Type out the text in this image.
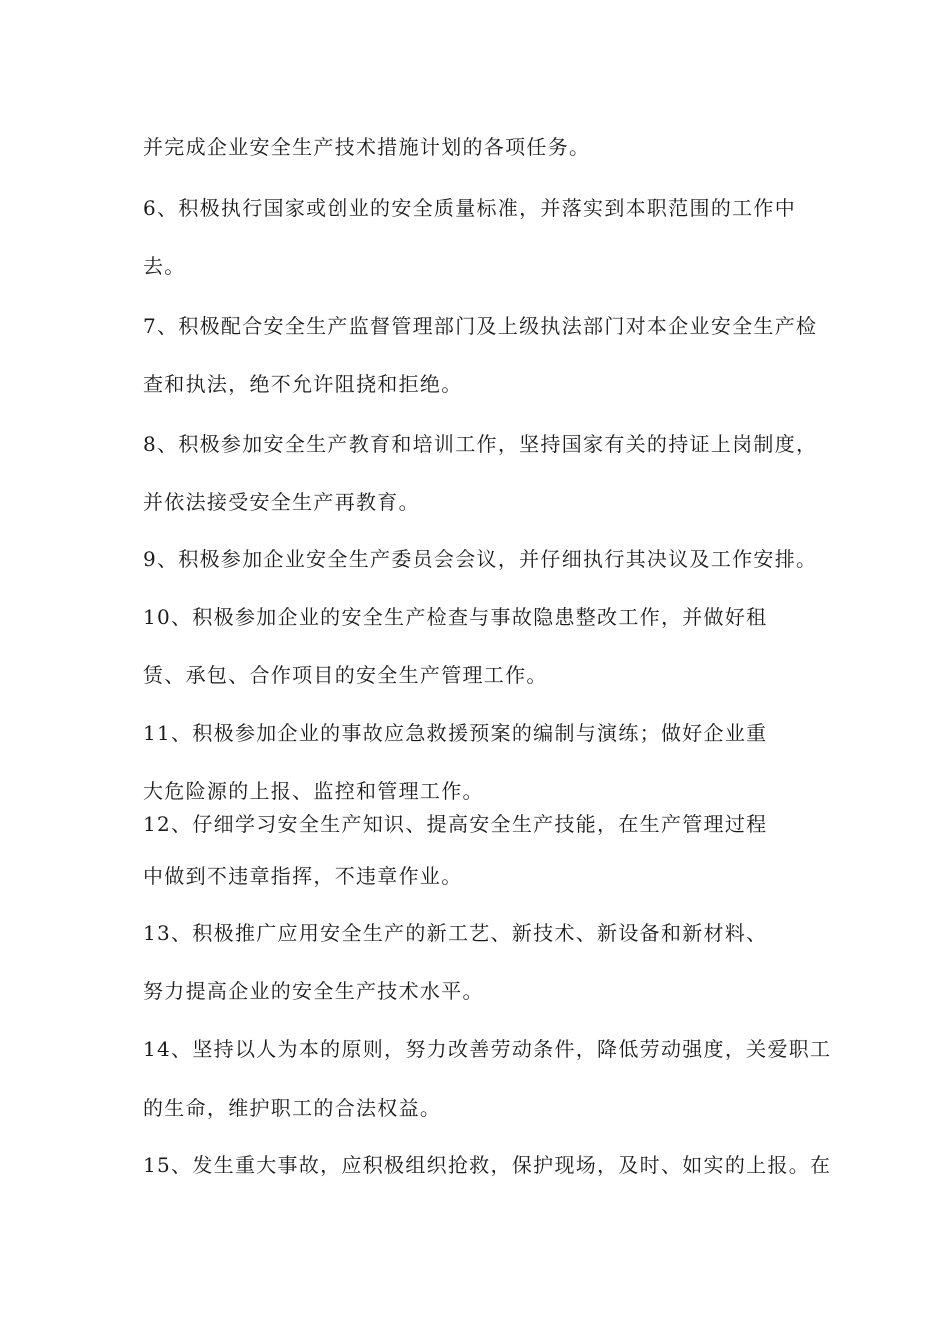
并完成企业安全生产技术措施计划的各项任务。
6、积极执行国家或创业的安全质量标准，并落实到本职范围的工作中
去。
7、积极配合安全生产监督管理部门及上级执法部门对本企业安全生产检
查和执法，绝不允许阻挠和拒绝。
8、积极参加安全生产教育和培训工作，坚持国家有关的持证上岗制度，
并依法接受安全生产再教育。
9、积极参加企业安全生产委员会会议，并仔细执行其决议及工作安排。
10、积极参加企业的安全生产检查与事故隐患整改工作，并做好租
赁、承包、合作项目的安全生产管理工作。
11、积极参加企业的事故应急救援预案的编制与演练；做好企业重
大危险源的上报、监控和管理工作。
12、仔细学习安全生产知识、提高安全生产技能，在生产管理过程
中做到不违章指挥，不违章作业。
13、积极推广应用安全生产的新工艺、新技术、新设备和新材料、
努力提高企业的安全生产技术水平。
14、坚持以人为本的原则，努力改善劳动条件，降低劳动强度，关爱职工
的生命，维护职工的合法权益。
15、发生重大事故，应积极组织抢救，保护现场，及时、如实的上报。在
